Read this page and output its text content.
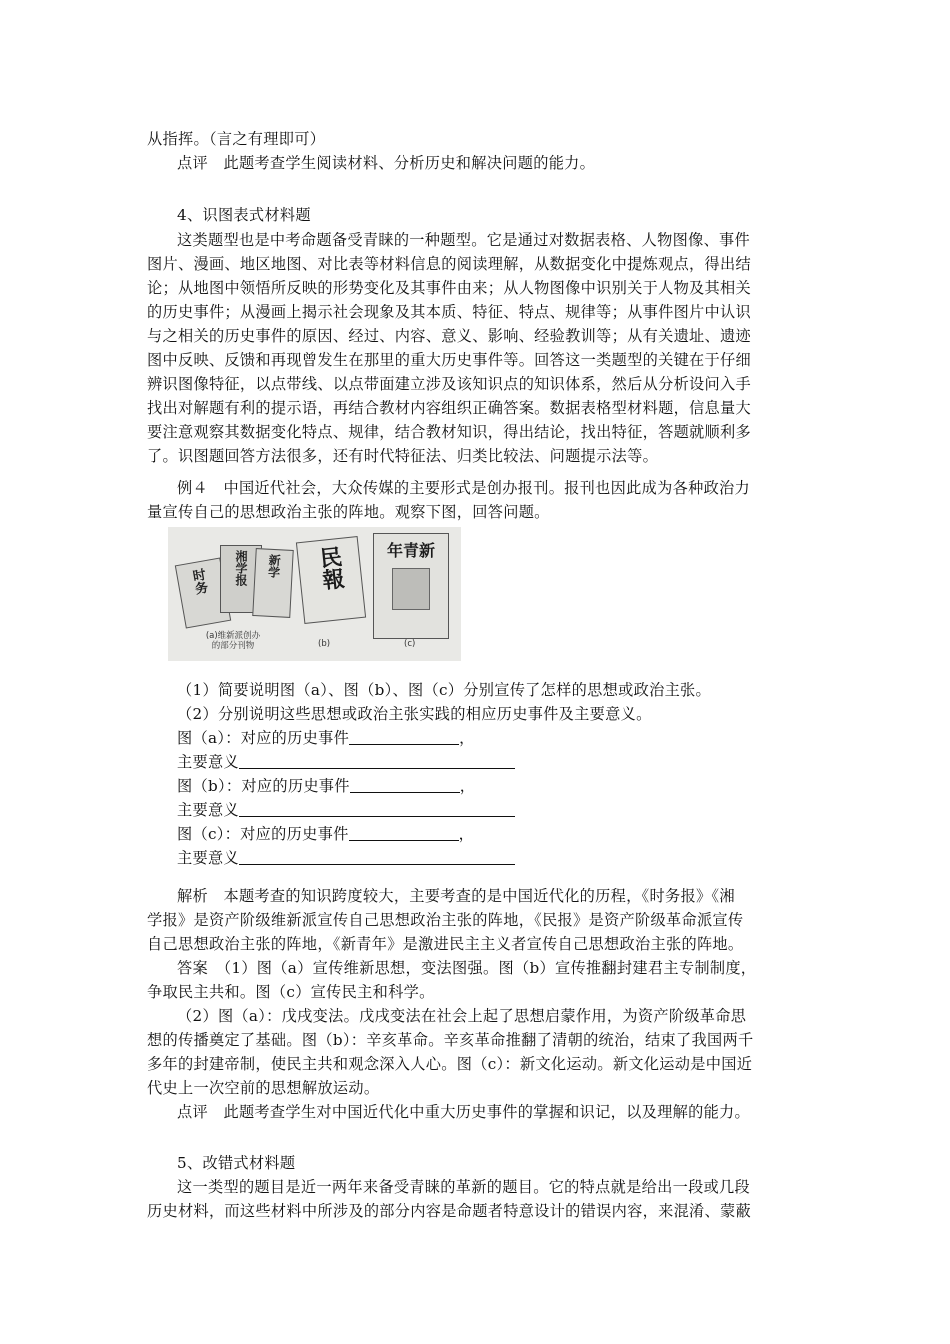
从指挥。（言之有理即可）
点评　此题考查学生阅读材料、分析历史和解决问题的能力。
4、识图表式材料题
这类题型也是中考命题备受青睐的一种题型。它是通过对数据表格、人物图像、事件
图片、漫画、地区地图、对比表等材料信息的阅读理解，从数据变化中提炼观点，得出结
论；从地图中领悟所反映的形势变化及其事件由来；从人物图像中识别关于人物及其相关
的历史事件；从漫画上揭示社会现象及其本质、特征、特点、规律等；从事件图片中认识
与之相关的历史事件的原因、经过、内容、意义、影响、经验教训等；从有关遗址、遗迹
图中反映、反馈和再现曾发生在那里的重大历史事件等。回答这一类题型的关键在于仔细
辨识图像特征，以点带线、以点带面建立涉及该知识点的知识体系，然后从分析设问入手
找出对解题有利的提示语，再结合教材内容组织正确答案。数据表格型材料题，信息量大
要注意观察其数据变化特点、规律，结合教材知识，得出结论，找出特征，答题就顺利多
了。识图题回答方法很多，还有时代特征法、归类比较法、问题提示法等。
例４　中国近代社会，大众传媒的主要形式是创办报刊。报刊也因此成为各种政治力
量宣传自己的思想政治主张的阵地。观察下图，回答问题。
（1）简要说明图（a）、图（b）、图（c）分别宣传了怎样的思想或政治主张。
（2）分别说明这些思想或政治主张实践的相应历史事件及主要意义。
解析　本题考查的知识跨度较大，主要考查的是中国近代化的历程，《时务报》《湘
学报》是资产阶级维新派宣传自己思想政治主张的阵地，《民报》是资产阶级革命派宣传
自己思想政治主张的阵地，《新青年》是激进民主主义者宣传自己思想政治主张的阵地。
答案　（1）图（a）宣传维新思想，变法图强。图（b）宣传推翻封建君主专制制度，
争取民主共和。图（c）宣传民主和科学。
（2）图（a）：戊戌变法。戊戌变法在社会上起了思想启蒙作用，为资产阶级革命思
想的传播奠定了基础。图（b）：辛亥革命。辛亥革命推翻了清朝的统治，结束了我国两千
多年的封建帝制，使民主共和观念深入人心。图（c）：新文化运动。新文化运动是中国近
代史上一次空前的思想解放运动。
点评　此题考查学生对中国近代化中重大历史事件的掌握和识记，以及理解的能力。
5、改错式材料题
这一类型的题目是近一两年来备受青睐的革新的题目。它的特点就是给出一段或几段
历史材料，而这些材料中所涉及的部分内容是命题者特意设计的错误内容，来混淆、蒙蔽
图（a）：对应的历史事件	，
主要意义
图（b）：对应的历史事件	，
主要意义
图（c）：对应的历史事件	，
主要意义
时务 湘学报 新学
(a)维新派创办
的部分刊物
民報
(b)
年青新
(c)
